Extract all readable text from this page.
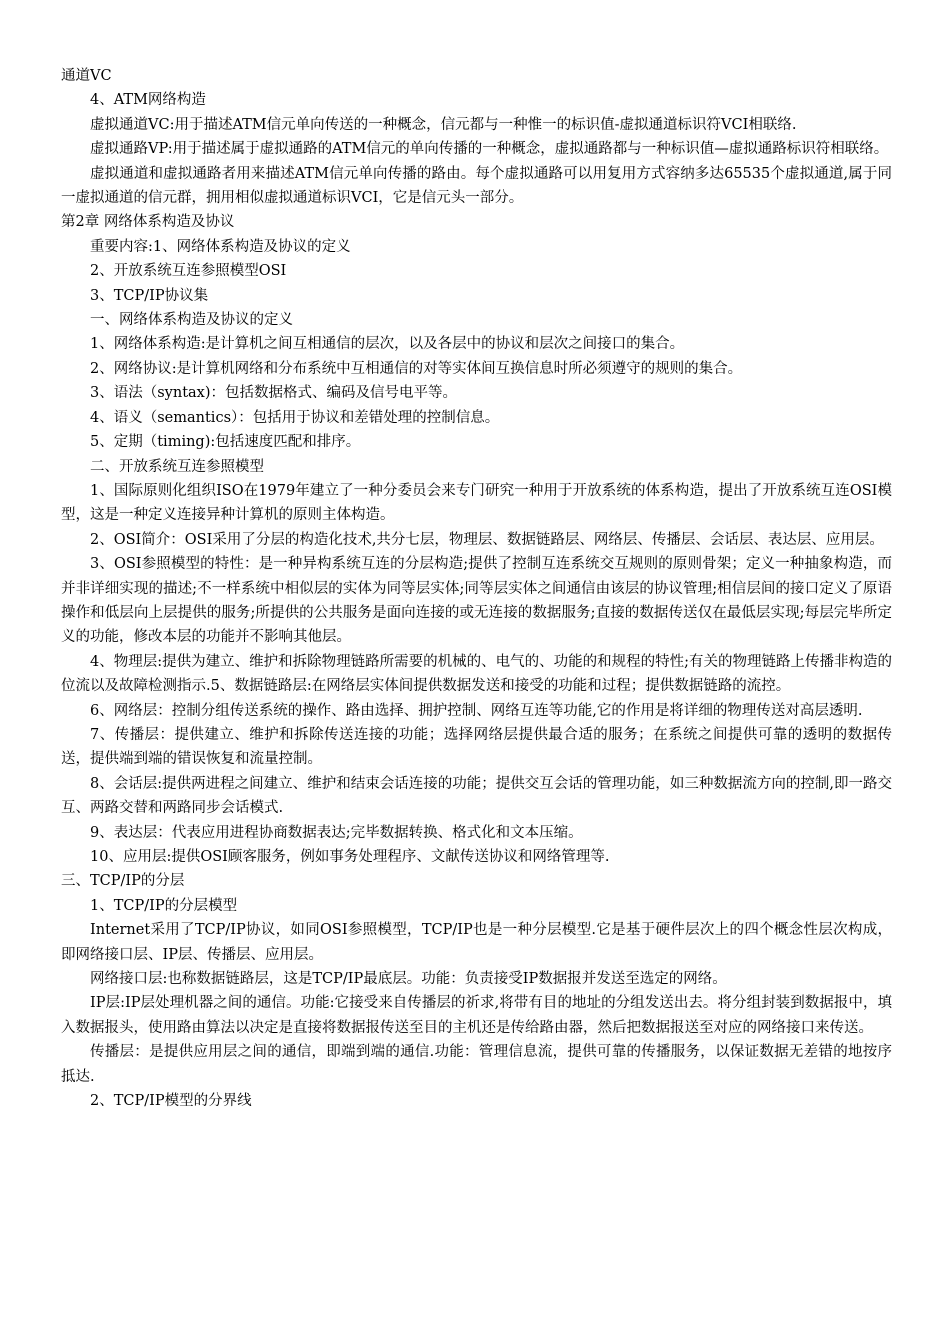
通道VC

4、ATM网络构造

虚拟通道VC:用于描述ATM信元单向传送的一种概念，信元都与一种惟一的标识值-虚拟通道标识符VCI相联络.

虚拟通路VP:用于描述属于虚拟通路的ATM信元的单向传播的一种概念，虚拟通路都与一种标识值—虚拟通路标识符相联络。

虚拟通道和虚拟通路者用来描述ATM信元单向传播的路由。每个虚拟通路可以用复用方式容纳多达65535个虚拟通道,属于同一虚拟通道的信元群，拥用相似虚拟通道标识VCI，它是信元头一部分。

第2章 网络体系构造及协议

重要内容:1、网络体系构造及协议的定义

2、开放系统互连参照模型OSI

3、TCP/IP协议集

一、网络体系构造及协议的定义

1、网络体系构造:是计算机之间互相通信的层次，以及各层中的协议和层次之间接口的集合。

2、网络协议:是计算机网络和分布系统中互相通信的对等实体间互换信息时所必须遵守的规则的集合。

3、语法（syntax)：包括数据格式、编码及信号电平等。

4、语义（semantics）：包括用于协议和差错处理的控制信息。

5、定期（timing):包括速度匹配和排序。

二、开放系统互连参照模型

1、国际原则化组织ISO在1979年建立了一种分委员会来专门研究一种用于开放系统的体系构造，提出了开放系统互连OSI模型，这是一种定义连接异种计算机的原则主体构造。

2、OSI简介：OSI采用了分层的构造化技术,共分七层，物理层、数据链路层、网络层、传播层、会话层、表达层、应用层。

3、OSI参照模型的特性：是一种异构系统互连的分层构造;提供了控制互连系统交互规则的原则骨架；定义一种抽象构造，而并非详细实现的描述;不一样系统中相似层的实体为同等层实体;同等层实体之间通信由该层的协议管理;相信层间的接口定义了原语操作和低层向上层提供的服务;所提供的公共服务是面向连接的或无连接的数据服务;直接的数据传送仅在最低层实现;每层完毕所定义的功能，修改本层的功能并不影响其他层。

4、物理层:提供为建立、维护和拆除物理链路所需要的机械的、电气的、功能的和规程的特性;有关的物理链路上传播非构造的位流以及故障检测指示.5、数据链路层:在网络层实体间提供数据发送和接受的功能和过程；提供数据链路的流控。

6、网络层：控制分组传送系统的操作、路由选择、拥护控制、网络互连等功能,它的作用是将详细的物理传送对高层透明.

7、传播层：提供建立、维护和拆除传送连接的功能；选择网络层提供最合适的服务；在系统之间提供可靠的透明的数据传送，提供端到端的错误恢复和流量控制。

8、会话层:提供两进程之间建立、维护和结束会话连接的功能；提供交互会话的管理功能，如三种数据流方向的控制,即一路交互、两路交替和两路同步会话模式.

9、表达层：代表应用进程协商数据表达;完毕数据转换、格式化和文本压缩。

10、应用层:提供OSI顾客服务，例如事务处理程序、文献传送协议和网络管理等.

三、TCP/IP的分层

1、TCP/IP的分层模型

Internet采用了TCP/IP协议，如同OSI参照模型，TCP/IP也是一种分层模型.它是基于硬件层次上的四个概念性层次构成，即网络接口层、IP层、传播层、应用层。

网络接口层:也称数据链路层，这是TCP/IP最底层。功能：负责接受IP数据报并发送至选定的网络。

IP层:IP层处理机器之间的通信。功能:它接受来自传播层的祈求,将带有目的地址的分组发送出去。将分组封装到数据报中，填入数据报头，使用路由算法以决定是直接将数据报传送至目的主机还是传给路由器，然后把数据报送至对应的网络接口来传送。

传播层：是提供应用层之间的通信，即端到端的通信.功能：管理信息流，提供可靠的传播服务，以保证数据无差错的地按序抵达.

2、TCP/IP模型的分界线
